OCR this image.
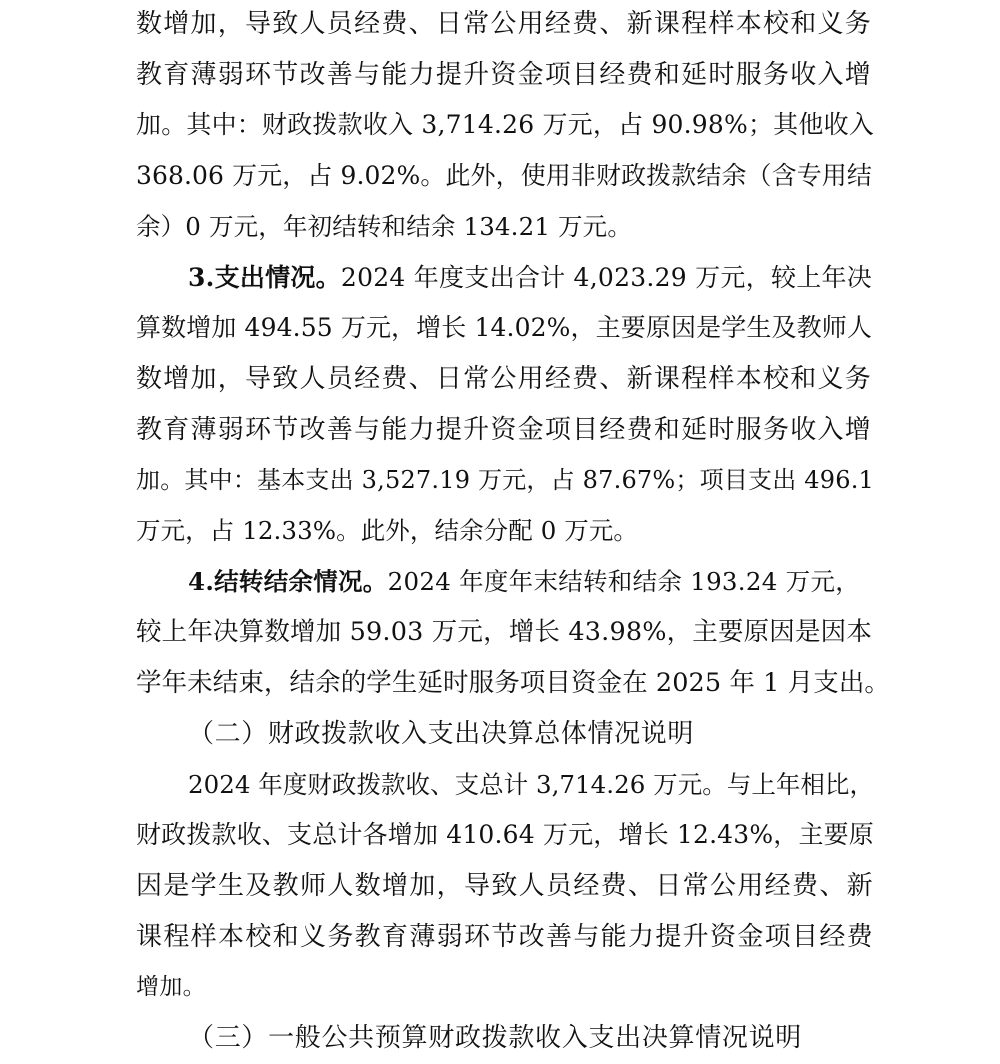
数增加，导致人员经费、日常公用经费、新课程样本校和义务
教育薄弱环节改善与能力提升资金项目经费和延时服务收入增
加。其中：财政拨款收入 3,714.26 万元，占 90.98%；其他收入
368.06 万元，占 9.02%。此外，使用非财政拨款结余（含专用结
余）0 万元，年初结转和结余 134.21 万元。
3.支出情况。 2024 年度支出合计 4,023.29 万元，较上年决
算数增加 494.55 万元，增长 14.02%，主要原因是学生及教师人
数增加，导致人员经费、日常公用经费、新课程样本校和义务
教育薄弱环节改善与能力提升资金项目经费和延时服务收入增
加。其中：基本支出 3,527.19 万元，占 87.67%；项目支出 496.1
万元，占 12.33%。此外，结余分配 0 万元。
4.结转结余情况。 2024 年度年末结转和结余 193.24 万元，
较上年决算数增加 59.03 万元，增长 43.98%，主要原因是因本
学年未结束，结余的学生延时服务项目资金在 2025 年 1 月支出。
（二）财政拨款收入支出决算总体情况说明
2024 年度财政拨款收、支总计 3,714.26 万元。与上年相比，
财政拨款收、支总计各增加 410.64 万元，增长 12.43%，主要原
因是学生及教师人数增加，导致人员经费、日常公用经费、新
课程样本校和义务教育薄弱环节改善与能力提升资金项目经费
增加。
（三）一般公共预算财政拨款收入支出决算情况说明
